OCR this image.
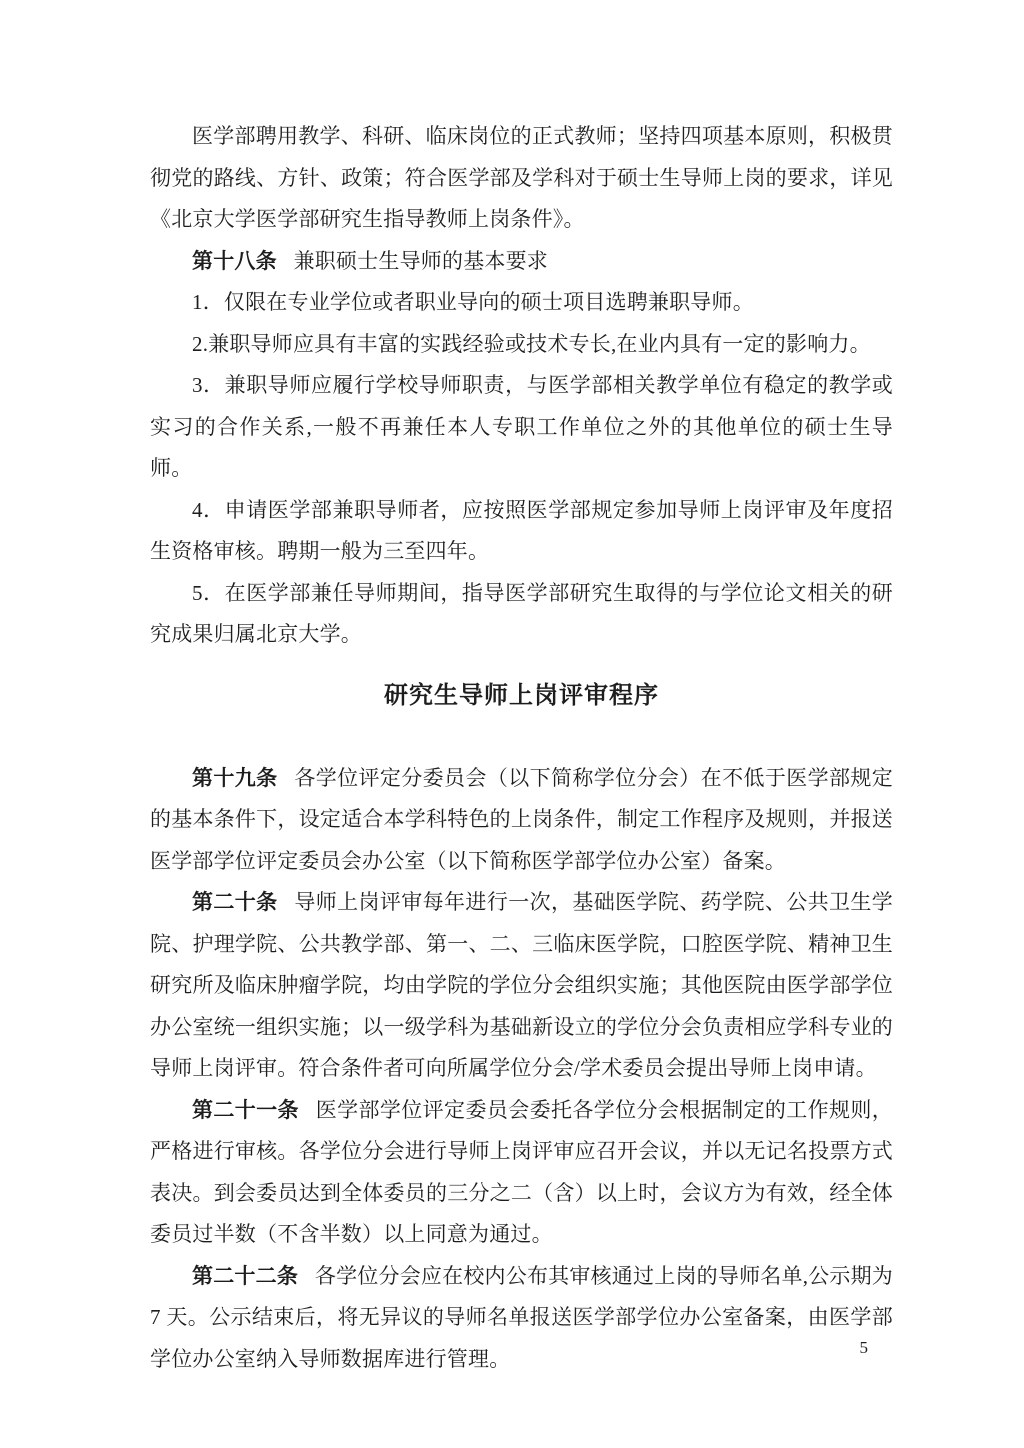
医学部聘用教学、科研、临床岗位的正式教师；坚持四项基本原则，积极贯彻党的路线、方针、政策；符合医学部及学科对于硕士生导师上岗的要求，详见《北京大学医学部研究生指导教师上岗条件》。

第十八条 兼职硕士生导师的基本要求

1．仅限在专业学位或者职业导向的硕士项目选聘兼职导师。

2.兼职导师应具有丰富的实践经验或技术专长,在业内具有一定的影响力。

3．兼职导师应履行学校导师职责，与医学部相关教学单位有稳定的教学或实习的合作关系,一般不再兼任本人专职工作单位之外的其他单位的硕士生导师。

4．申请医学部兼职导师者，应按照医学部规定参加导师上岗评审及年度招生资格审核。聘期一般为三至四年。

5．在医学部兼任导师期间，指导医学部研究生取得的与学位论文相关的研究成果归属北京大学。

研究生导师上岗评审程序

第十九条 各学位评定分委员会（以下简称学位分会）在不低于医学部规定的基本条件下，设定适合本学科特色的上岗条件，制定工作程序及规则，并报送医学部学位评定委员会办公室（以下简称医学部学位办公室）备案。

第二十条 导师上岗评审每年进行一次，基础医学院、药学院、公共卫生学院、护理学院、公共教学部、第一、二、三临床医学院，口腔医学院、精神卫生研究所及临床肿瘤学院，均由学院的学位分会组织实施；其他医院由医学部学位办公室统一组织实施；以一级学科为基础新设立的学位分会负责相应学科专业的导师上岗评审。符合条件者可向所属学位分会/学术委员会提出导师上岗申请。

第二十一条 医学部学位评定委员会委托各学位分会根据制定的工作规则，严格进行审核。各学位分会进行导师上岗评审应召开会议，并以无记名投票方式表决。到会委员达到全体委员的三分之二（含）以上时，会议方为有效，经全体委员过半数（不含半数）以上同意为通过。

第二十二条 各学位分会应在校内公布其审核通过上岗的导师名单,公示期为 7 天。公示结束后，将无异议的导师名单报送医学部学位办公室备案，由医学部学位办公室纳入导师数据库进行管理。	5
